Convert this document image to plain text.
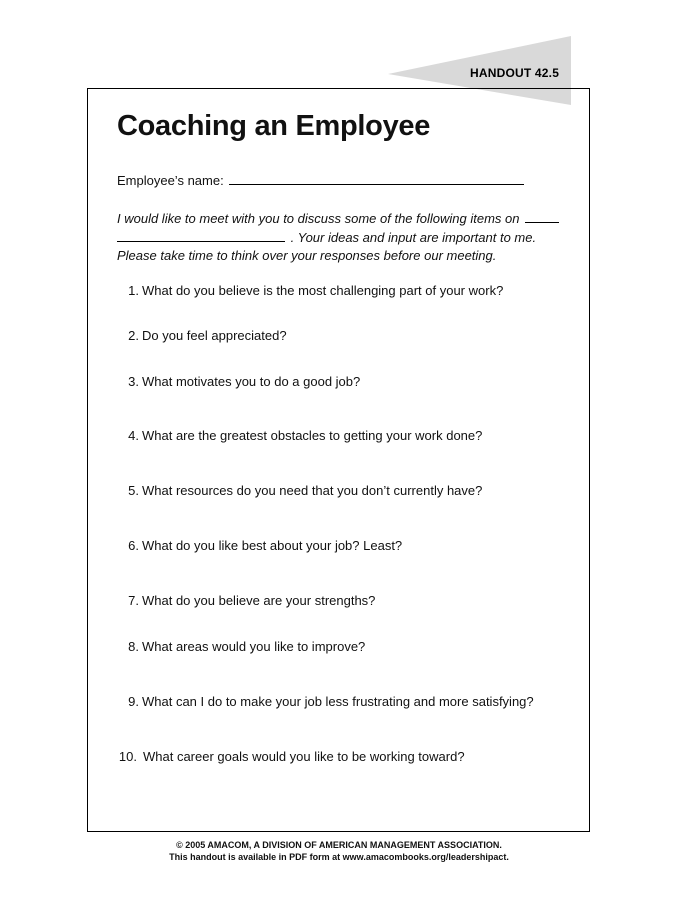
HANDOUT 42.5
Coaching an Employee
Employee’s name:
I would like to meet with you to discuss some of the following items on   . Your ideas and input are important to me. Please take time to think over your responses before our meeting.
1. What do you believe is the most challenging part of your work?
2. Do you feel appreciated?
3. What motivates you to do a good job?
4. What are the greatest obstacles to getting your work done?
5. What resources do you need that you don’t currently have?
6. What do you like best about your job? Least?
7. What do you believe are your strengths?
8. What areas would you like to improve?
9. What can I do to make your job less frustrating and more satisfying?
10. What career goals would you like to be working toward?
© 2005 AMACOM, A DIVISION OF AMERICAN MANAGEMENT ASSOCIATION.
This handout is available in PDF form at www.amacombooks.org/leadershipact.
